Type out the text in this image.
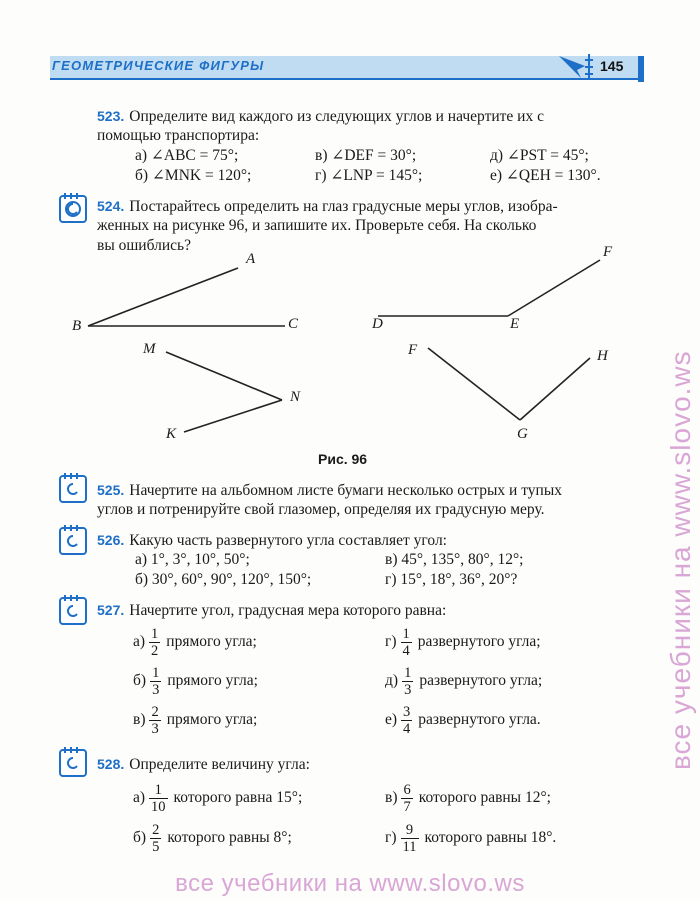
ГЕОМЕТРИЧЕСКИЕ ФИГУРЫ	145
523. Определите вид каждого из следующих углов и начертите их с
помощью транспортира:
а) ∠ABC = 75°;	в) ∠DEF = 30°;	д) ∠PST = 45°;
б) ∠MNK = 120°;	г) ∠LNP = 145°;	е) ∠QEH = 130°.
524. Постарайтесь определить на глаз градусные меры углов, изобра-
женных на рисунке 96, и запишите их. Проверьте себя. На сколько
вы ошиблись?
A
B	C	D	E
F
M
N
K
F
G
H
Рис. 96
525. Начертите на альбомном листе бумаги несколько острых и тупых
углов и потренируйте свой глазомер, определяя их градусную меру.
526. Какую часть развернутого угла составляет угол:
а) 1°, 3°, 10°, 50°;	в) 45°, 135°, 80°, 12°;
б) 30°, 60°, 90°, 120°, 150°;	г) 15°, 18°, 36°, 20°?
527. Начертите угол, градусная мера которого равна:
$а) \frac{1}{2}$ прямого угла;	$г) \frac{1}{4}$ развернутого угла;
$б) \frac{1}{3}$ прямого угла;	$д) \frac{1}{3}$ развернутого угла;
$в) \frac{2}{3}$ прямого угла;	$е) \frac{3}{4}$ развернутого угла.
528. Определите величину угла:
$а) \frac{1}{10}$ которого равна 15°;	$в) \frac{6}{7}$ которого равны 12°;
$б) \frac{2}{5}$ которого равны 8°;	$г) \frac{9}{11}$ которого равны 18°.
все учебники на www.slovo.ws
все учебники на www.slovo.ws
